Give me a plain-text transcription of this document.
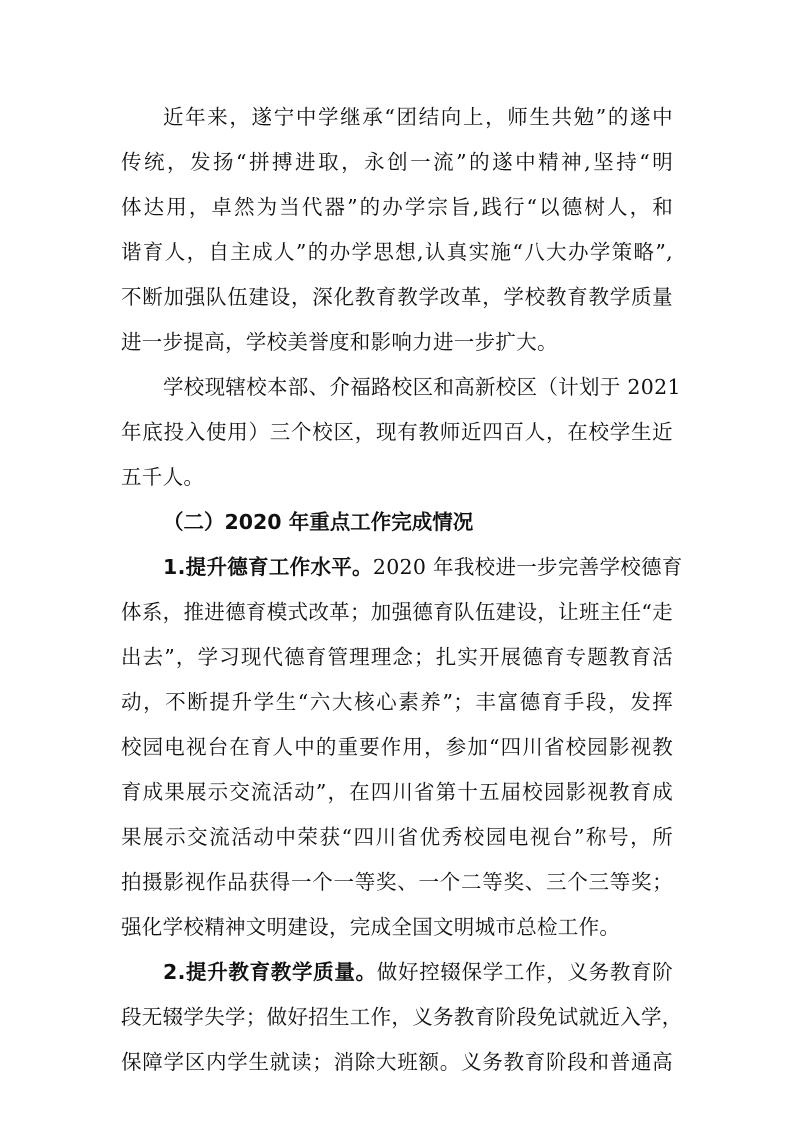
近年来，遂宁中学继承“团结向上，师生共勉”的遂中
传统，发扬“拼搏进取，永创一流”的遂中精神,坚持“明
体达用，卓然为当代器”的办学宗旨,践行“以德树人，和
谐育人，自主成人”的办学思想,认真实施“八大办学策略”,
不断加强队伍建设，深化教育教学改革，学校教育教学质量
进一步提高，学校美誉度和影响力进一步扩大。
学校现辖校本部、介福路校区和高新校区（计划于 2021
年底投入使用）三个校区，现有教师近四百人，在校学生近
五千人。
（二）2020 年重点工作完成情况
1.提升德育工作水平。2020 年我校进一步完善学校德育
体系，推进德育模式改革；加强德育队伍建设，让班主任“走
出去”，学习现代德育管理理念；扎实开展德育专题教育活
动，不断提升学生“六大核心素养”；丰富德育手段，发挥
校园电视台在育人中的重要作用，参加“四川省校园影视教
育成果展示交流活动”，在四川省第十五届校园影视教育成
果展示交流活动中荣获“四川省优秀校园电视台”称号，所
拍摄影视作品获得一个一等奖、一个二等奖、三个三等奖；
强化学校精神文明建设，完成全国文明城市总检工作。
2.提升教育教学质量。做好控辍保学工作，义务教育阶
段无辍学失学；做好招生工作，义务教育阶段免试就近入学，
保障学区内学生就读；消除大班额。义务教育阶段和普通高
